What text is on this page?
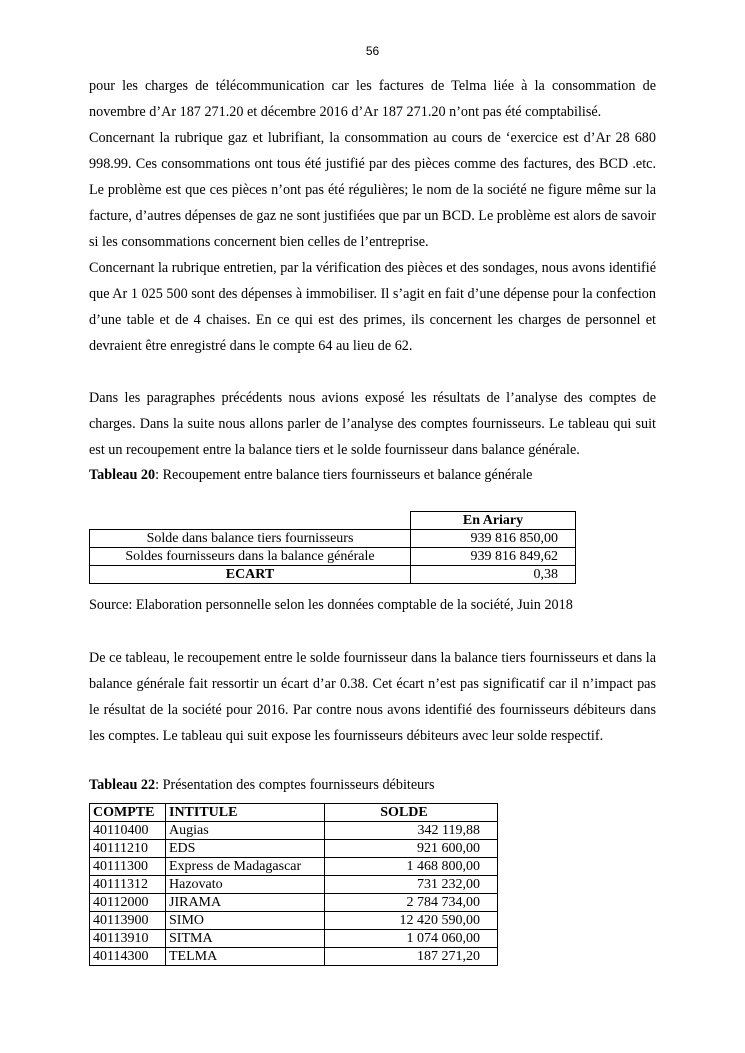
56

pour les charges de télécommunication car les factures de Telma liée à la consommation de novembre d’Ar 187 271.20 et décembre 2016 d’Ar 187 271.20 n’ont pas été comptabilisé.

Concernant la rubrique gaz et lubrifiant, la consommation au cours de ‘exercice est d’Ar 28 680 998.99. Ces consommations ont tous été justifié par des pièces comme des factures, des BCD .etc. Le problème est que ces pièces n’ont pas été régulières; le nom de la société ne figure même sur la facture, d’autres dépenses de gaz ne sont justifiées que par un BCD. Le problème est alors de savoir si les consommations concernent bien celles de l’entreprise.

Concernant la rubrique entretien, par la vérification des pièces et des sondages, nous avons identifié que Ar 1 025 500 sont des dépenses à immobiliser. Il s’agit en fait d’une dépense pour la confection d’une table et de 4 chaises. En ce qui est des primes, ils concernent les charges de personnel et devraient être enregistré dans le compte 64 au lieu de 62.

Dans les paragraphes précédents nous avions exposé les résultats de l’analyse des comptes de charges. Dans la suite nous allons parler de l’analyse des comptes fournisseurs. Le tableau qui suit est un recoupement entre la balance tiers et le solde fournisseur dans balance générale.

Tableau 20: Recoupement entre balance tiers fournisseurs et balance générale
	En Ariary
Solde dans balance tiers fournisseurs	939 816 850,00
Soldes fournisseurs dans la balance générale	939 816 849,62
ECART	0,38
Source: Elaboration personnelle selon les données comptable de la société, Juin 2018

De ce tableau, le recoupement entre le solde fournisseur dans la balance tiers fournisseurs et dans la balance générale fait ressortir un écart d’ar 0.38. Cet écart n’est pas significatif car il n’impact pas le résultat de la société pour 2016. Par contre nous avons identifié des fournisseurs débiteurs dans les comptes. Le tableau qui suit expose les fournisseurs débiteurs avec leur solde respectif.

Tableau 22: Présentation des comptes fournisseurs débiteurs
COMPTE	INTITULE	SOLDE
40110400	Augias	342 119,88
40111210	EDS	921 600,00
40111300	Express de Madagascar	1 468 800,00
40111312	Hazovato	731 232,00
40112000	JIRAMA	2 784 734,00
40113900	SIMO	12 420 590,00
40113910	SITMA	1 074 060,00
40114300	TELMA	187 271,20
